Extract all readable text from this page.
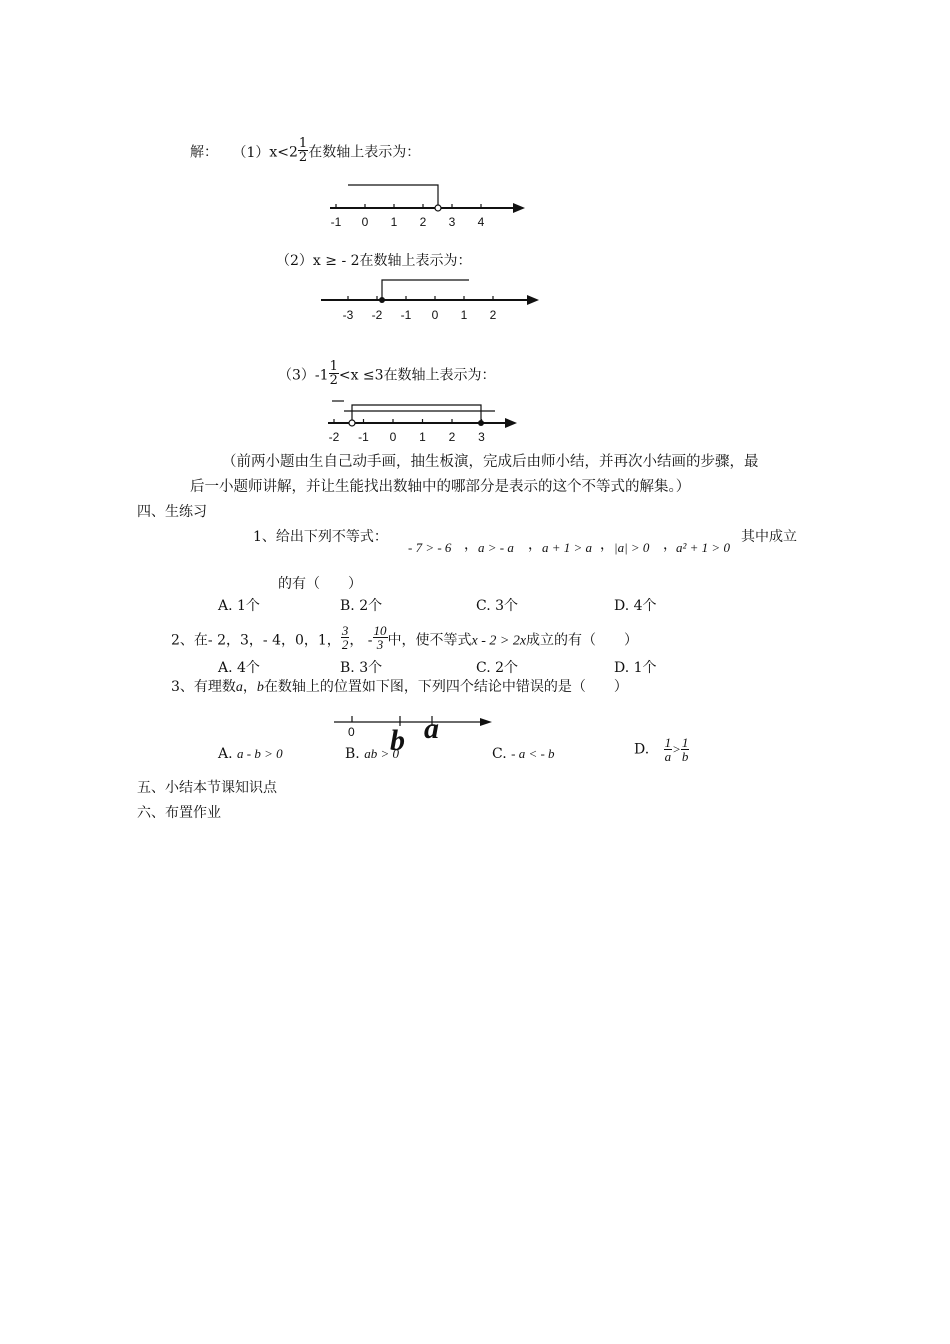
解： $(1)x<2 \frac{1}{2}$ 在数轴上表示为：
-1 0 1 2 3 4
（2）x ≥ - 2在数轴上表示为：
-3 -2 -1 0 1 2
$(3)-1 \frac{1}{2} <x \le 3$在数轴上表示为：
-2 -1 0 1 2 3
（前两小题由生自己动手画，抽生板演，完成后由师小结，并再次小结画的步骤，最
后一小题师讲解，并让生能找出数轴中的哪部分是表示的这个不等式的解集。）
四、生练习
1、给出下列不等式：
- 7 > - 6 ， a > - a ， a + 1 > a ， |a| > 0 ， a² + 1 > 0
其中成立
的有（　　）
A. 1个	B. 2个	C. 3个	D. 4个
2、在- 2，3，- 4，0，1， $\frac{3}{2}$ ， - $\frac{10}{3}$ 中，使不等式x - 2 > 2x成立的有（　　）
A. 4个	B. 3个	C. 2个	D. 1个
3、有理数a，b在数轴上的位置如下图，下列四个结论中错误的是（　　）
0 b a
A. a - b > 0	B. ab > 0	C. - a < - b	D. $\frac{1}{a} > \frac{1}{b}$
五、小结本节课知识点
六、布置作业
